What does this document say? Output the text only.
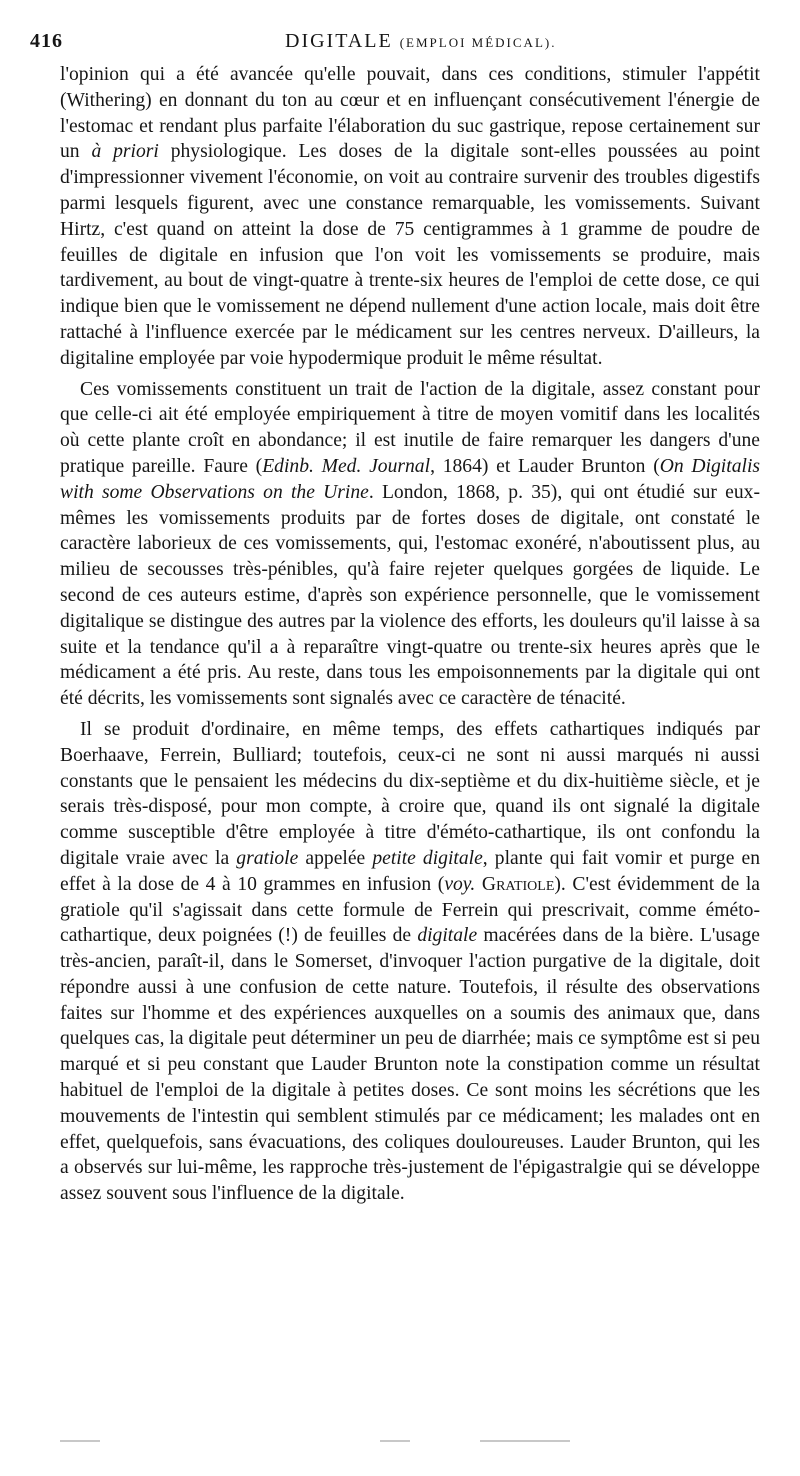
416	DIGITALE (EMPLOI MÉDICAL).

l'opinion qui a été avancée qu'elle pouvait, dans ces conditions, stimuler l'appétit (Withering) en donnant du ton au cœur et en influençant consécutivement l'énergie de l'estomac et rendant plus parfaite l'élaboration du suc gastrique, repose certainement sur un à priori physiologique. Les doses de la digitale sont-elles poussées au point d'impressionner vivement l'économie, on voit au contraire survenir des troubles digestifs parmi lesquels figurent, avec une constance remarquable, les vomissements. Suivant Hirtz, c'est quand on atteint la dose de 75 centigrammes à 1 gramme de poudre de feuilles de digitale en infusion que l'on voit les vomissements se produire, mais tardivement, au bout de vingt-quatre à trente-six heures de l'emploi de cette dose, ce qui indique bien que le vomissement ne dépend nullement d'une action locale, mais doit être rattaché à l'influence exercée par le médicament sur les centres nerveux. D'ailleurs, la digitaline employée par voie hypodermique produit le même résultat.

Ces vomissements constituent un trait de l'action de la digitale, assez constant pour que celle-ci ait été employée empiriquement à titre de moyen vomitif dans les localités où cette plante croît en abondance; il est inutile de faire remarquer les dangers d'une pratique pareille. Faure (Edinb. Med. Journal, 1864) et Lauder Brunton (On Digitalis with some Observations on the Urine. London, 1868, p. 35), qui ont étudié sur eux-mêmes les vomissements produits par de fortes doses de digitale, ont constaté le caractère laborieux de ces vomissements, qui, l'estomac exonéré, n'aboutissent plus, au milieu de secousses très-pénibles, qu'à faire rejeter quelques gorgées de liquide. Le second de ces auteurs estime, d'après son expérience personnelle, que le vomissement digitalique se distingue des autres par la violence des efforts, les douleurs qu'il laisse à sa suite et la tendance qu'il a à reparaître vingt-quatre ou trente-six heures après que le médicament a été pris. Au reste, dans tous les empoisonnements par la digitale qui ont été décrits, les vomissements sont signalés avec ce caractère de ténacité.

Il se produit d'ordinaire, en même temps, des effets cathartiques indiqués par Boerhaave, Ferrein, Bulliard; toutefois, ceux-ci ne sont ni aussi marqués ni aussi constants que le pensaient les médecins du dix-septième et du dix-huitième siècle, et je serais très-disposé, pour mon compte, à croire que, quand ils ont signalé la digitale comme susceptible d'être employée à titre d'éméto-cathartique, ils ont confondu la digitale vraie avec la gratiole appelée petite digitale, plante qui fait vomir et purge en effet à la dose de 4 à 10 grammes en infusion (voy. Gratiole). C'est évidemment de la gratiole qu'il s'agissait dans cette formule de Ferrein qui prescrivait, comme éméto-cathartique, deux poignées (!) de feuilles de digitale macérées dans de la bière. L'usage très-ancien, paraît-il, dans le Somerset, d'invoquer l'action purgative de la digitale, doit répondre aussi à une confusion de cette nature. Toutefois, il résulte des observations faites sur l'homme et des expériences auxquelles on a soumis des animaux que, dans quelques cas, la digitale peut déterminer un peu de diarrhée; mais ce symptôme est si peu marqué et si peu constant que Lauder Brunton note la constipation comme un résultat habituel de l'emploi de la digitale à petites doses. Ce sont moins les sécrétions que les mouvements de l'intestin qui semblent stimulés par ce médicament; les malades ont en effet, quelquefois, sans évacuations, des coliques douloureuses. Lauder Brunton, qui les a observés sur lui-même, les rapproche très-justement de l'épigastralgie qui se développe assez souvent sous l'influence de la digitale.
